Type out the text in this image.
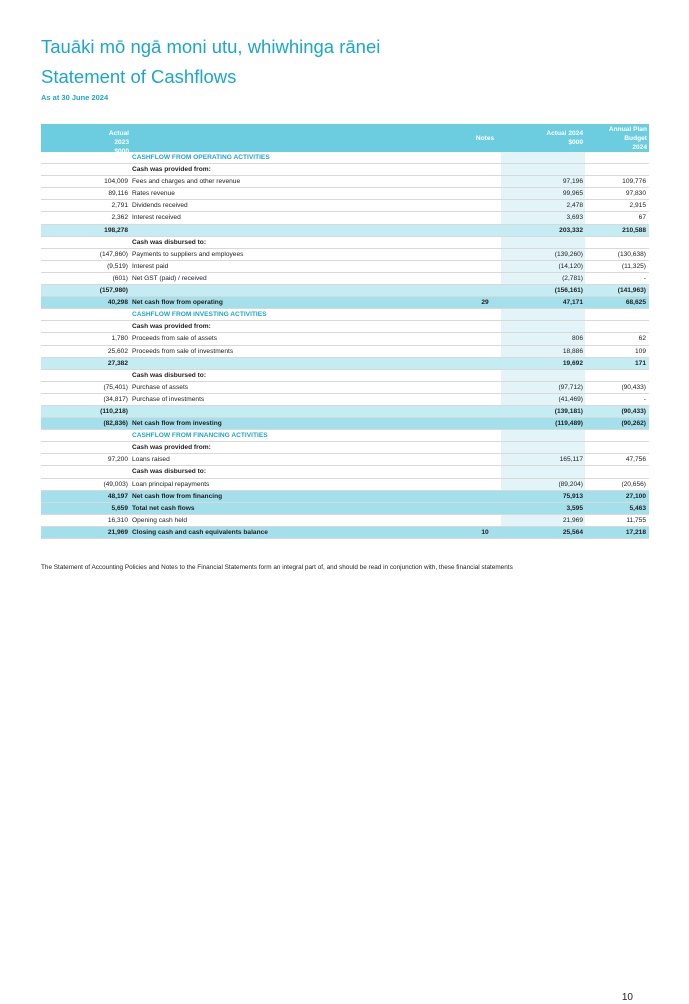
Tauāki mō ngā moni utu, whiwhinga rānei
Statement of Cashflows
As at 30 June 2024
Actual 2023
$000
Notes
Actual 2024
$000
Annual Plan Budget
2024
$000
CASHFLOW FROM OPERATING ACTIVITIES
Cash was provided from:
104,009 Fees and charges and other revenue	97,196	109,776
89,116 Rates revenue	99,965	97,830
2,791 Dividends received	2,478	2,915
2,362 Interest received	3,693	67
198,278	203,332	210,588
Cash was disbursed to:
(147,860) Payments to suppliers and employees	(139,260)	(130,638)
(9,519) Interest paid	(14,120)	(11,325)
(601) Net GST (paid) / received	(2,781)	-
(157,980)	(156,161)	(141,963)
40,298 Net cash flow from operating	29	47,171	68,625
CASHFLOW FROM INVESTING ACTIVITIES
Cash was provided from:
1,780 Proceeds from sale of assets	806	62
25,602 Proceeds from sale of investments	18,886	109
27,382	19,692	171
Cash was disbursed to:
(75,401) Purchase of assets	(97,712)	(90,433)
(34,817) Purchase of investments	(41,469)	-
(110,218)	(139,181)	(90,433)
(82,836) Net cash flow from investing	(119,489)	(90,262)
CASHFLOW FROM FINANCING ACTIVITIES
Cash was provided from:
97,200 Loans raised	165,117	47,756
Cash was disbursed to:
(49,003) Loan principal repayments	(89,204)	(20,656)
48,197 Net cash flow from financing	75,913	27,100
5,659 Total net cash flows	3,595	5,463
16,310 Opening cash held	21,969	11,755
21,969 Closing cash and cash equivalents balance	10	25,564	17,218
The Statement of Accounting Policies and Notes to the Financial Statements form an integral part of, and should be read in conjunction with, these financial statements
10
